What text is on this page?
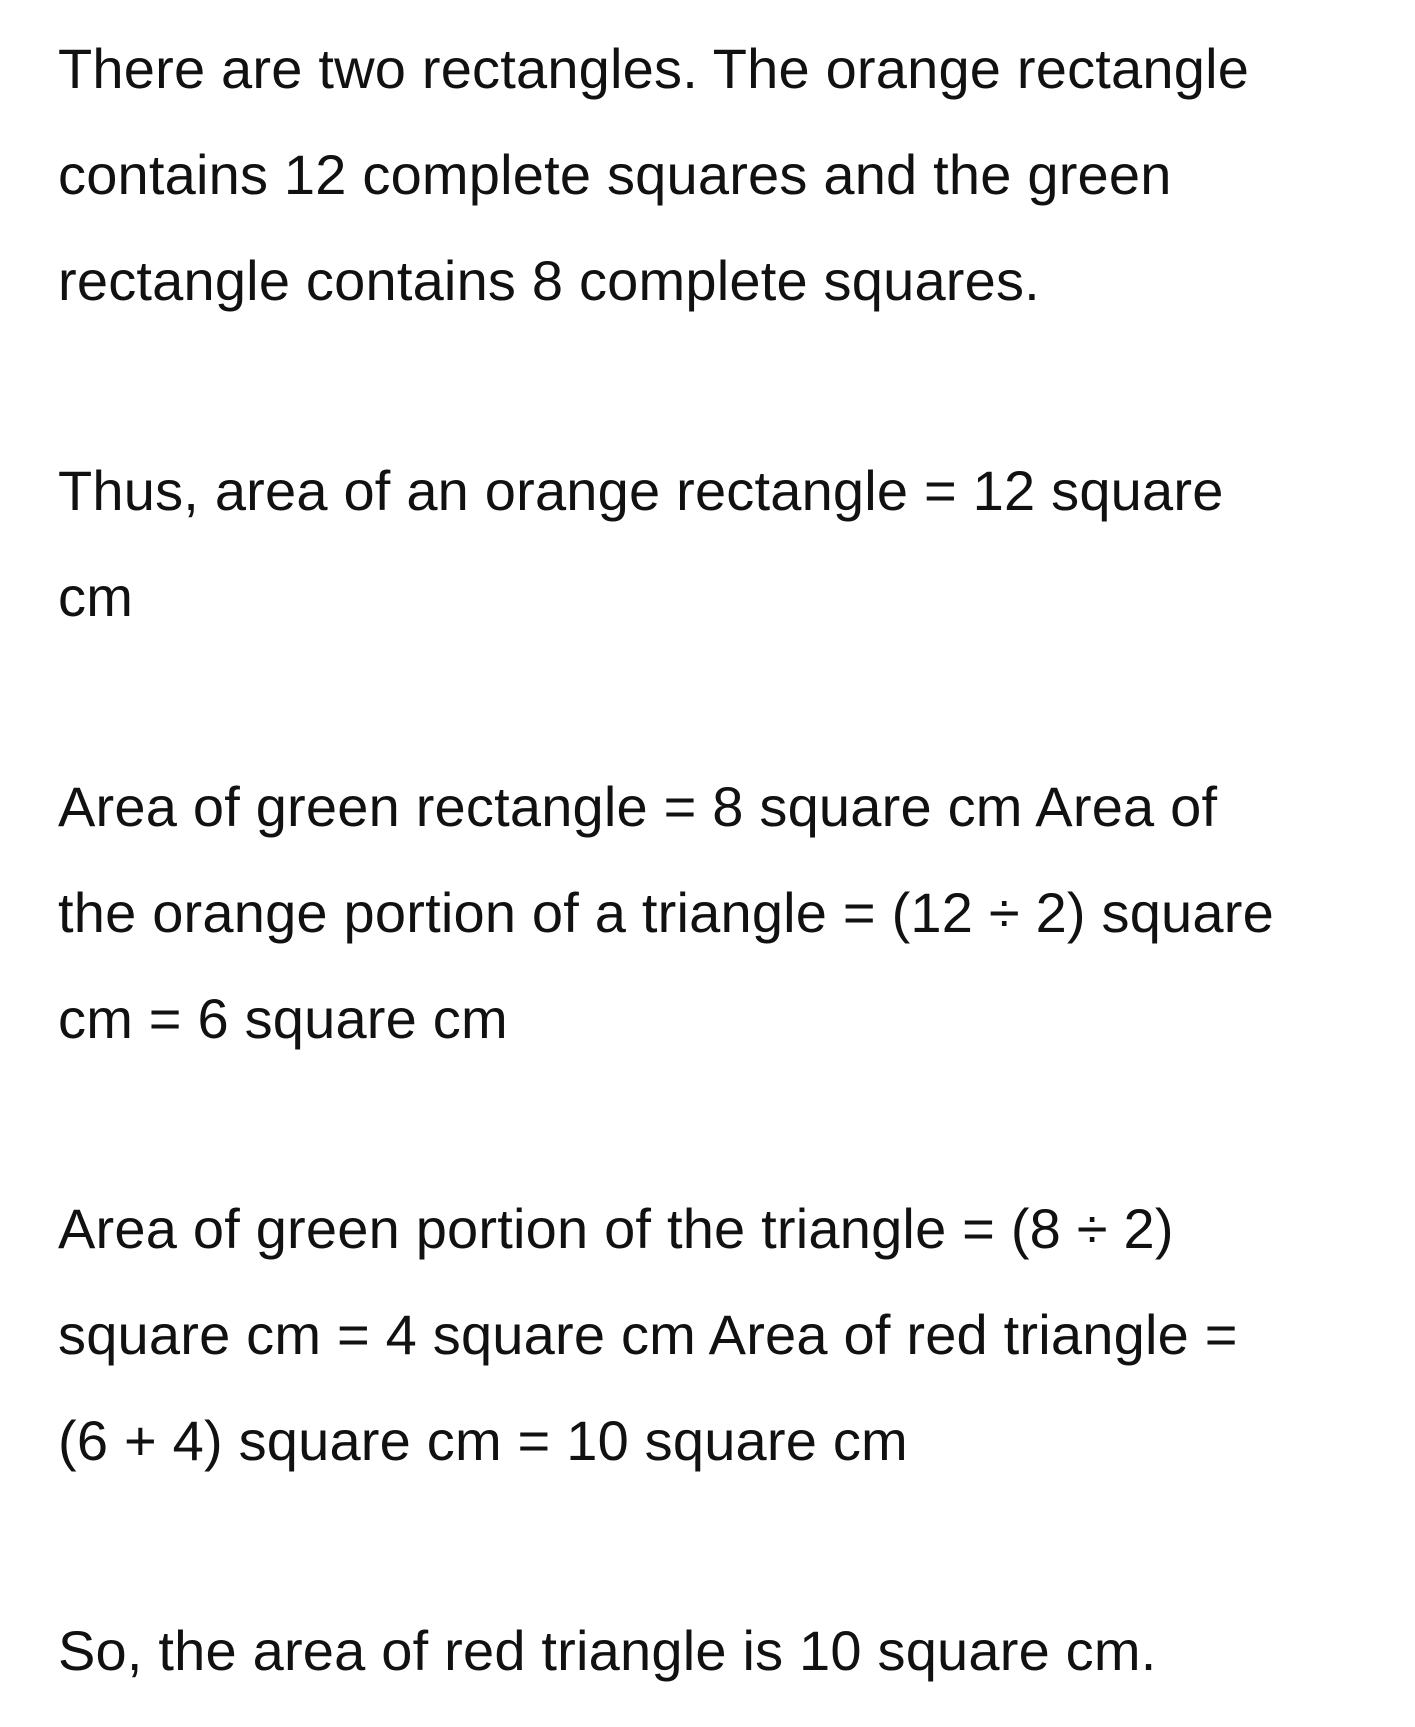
There are two rectangles. The orange rectangle
contains 12 complete squares and the green
rectangle contains 8 complete squares.

Thus, area of an orange rectangle = 12 square
cm

Area of green rectangle = 8 square cm Area of
the orange portion of a triangle = (12 ÷ 2) square
cm = 6 square cm

Area of green portion of the triangle = (8 ÷ 2)
square cm = 4 square cm Area of red triangle =
(6 + 4) square cm = 10 square cm

So, the area of red triangle is 10 square cm.
